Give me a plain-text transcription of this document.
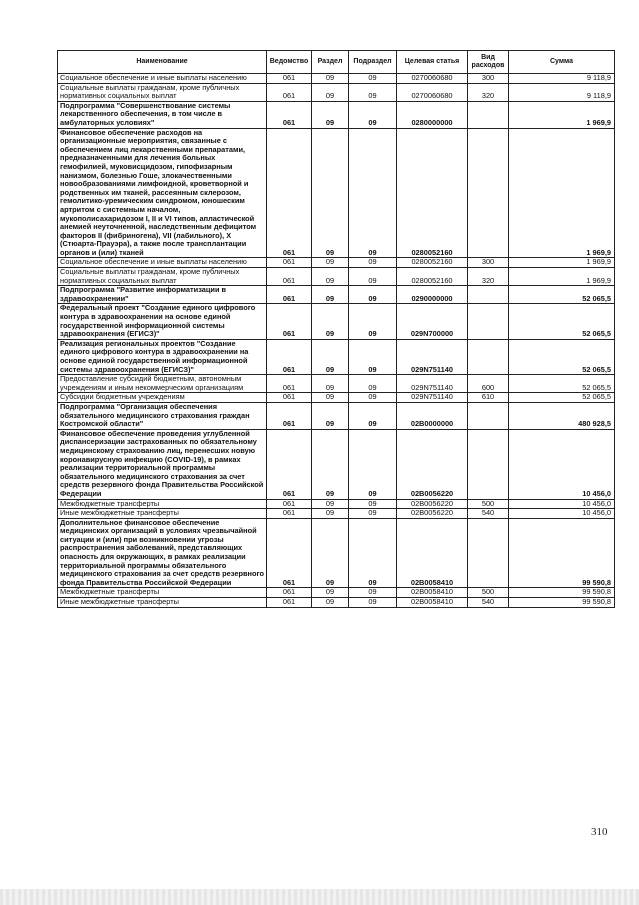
Наименование	Ведомство	Раздел	Подраздел	Целевая статья	Вид расходов	Сумма
Социальное обеспечение и иные выплаты населению	061	09	09	0270060680	300	9 118,9
Социальные выплаты гражданам, кроме публичных нормативных социальных выплат	061	09	09	0270060680	320	9 118,9
Подпрограмма "Совершенствование системы лекарственного обеспечения, в том числе в амбулаторных условиях"	061	09	09	0280000000		1 969,9
Финансовое обеспечение расходов на организационные мероприятия, связанные с обеспечением лиц лекарственными препаратами, предназначенными для лечения больных гемофилией, муковисцидозом, гипофизарным нанизмом, болезнью Гоше, злокачественными новообразованиями лимфоидной, кроветворной и родственных им тканей, рассеянным склерозом, гемолитико-уремическим синдромом, юношеским артритом с системным началом, мукополисахаридозом I, II и VI типов, апластической анемией неуточненной, наследственным дефицитом факторов II (фибриногена), VII (лабильного), X (Стюарта-Прауэра), а также после трансплантации органов и (или) тканей	061	09	09	0280052160		1 969,9
Социальное обеспечение и иные выплаты населению	061	09	09	0280052160	300	1 969,9
Социальные выплаты гражданам, кроме публичных нормативных социальных выплат	061	09	09	0280052160	320	1 969,9
Подпрограмма "Развитие информатизации в здравоохранении"	061	09	09	0290000000		52 065,5
Федеральный проект "Создание единого цифрового контура в здравоохранении на основе единой государственной информационной системы здравоохранения (ЕГИСЗ)"	061	09	09	029N700000		52 065,5
Реализация региональных проектов "Создание единого цифрового контура в здравоохранении на основе единой государственной информационной системы здравоохранения (ЕГИСЗ)"	061	09	09	029N751140		52 065,5
Предоставление субсидий бюджетным, автономным учреждениям и иным некоммерческим организациям	061	09	09	029N751140	600	52 065,5
Субсидии бюджетным учреждениям	061	09	09	029N751140	610	52 065,5
Подпрограмма "Организация обеспечения обязательного медицинского страхования граждан Костромской области"	061	09	09	02B0000000		480 928,5
Финансовое обеспечение проведения углубленной диспансеризации застрахованных по обязательному медицинскому страхованию лиц, перенесших новую коронавирусную инфекцию (COVID-19), в рамках реализации территориальной программы обязательного медицинского страхования за счет средств резервного фонда Правительства Российской Федерации	061	09	09	02B0056220		10 456,0
Межбюджетные трансферты	061	09	09	02B0056220	500	10 456,0
Иные межбюджетные трансферты	061	09	09	02B0056220	540	10 456,0
Дополнительное финансовое обеспечение медицинских организаций в условиях чрезвычайной ситуации и (или) при возникновении угрозы распространения заболеваний, представляющих опасность для окружающих, в рамках реализации территориальной программы обязательного медицинского страхования за счет средств резервного фонда Правительства Российской Федерации	061	09	09	02B0058410		99 590,8
Межбюджетные трансферты	061	09	09	02B0058410	500	99 590,8
Иные межбюджетные трансферты	061	09	09	02B0058410	540	99 590,8
310
